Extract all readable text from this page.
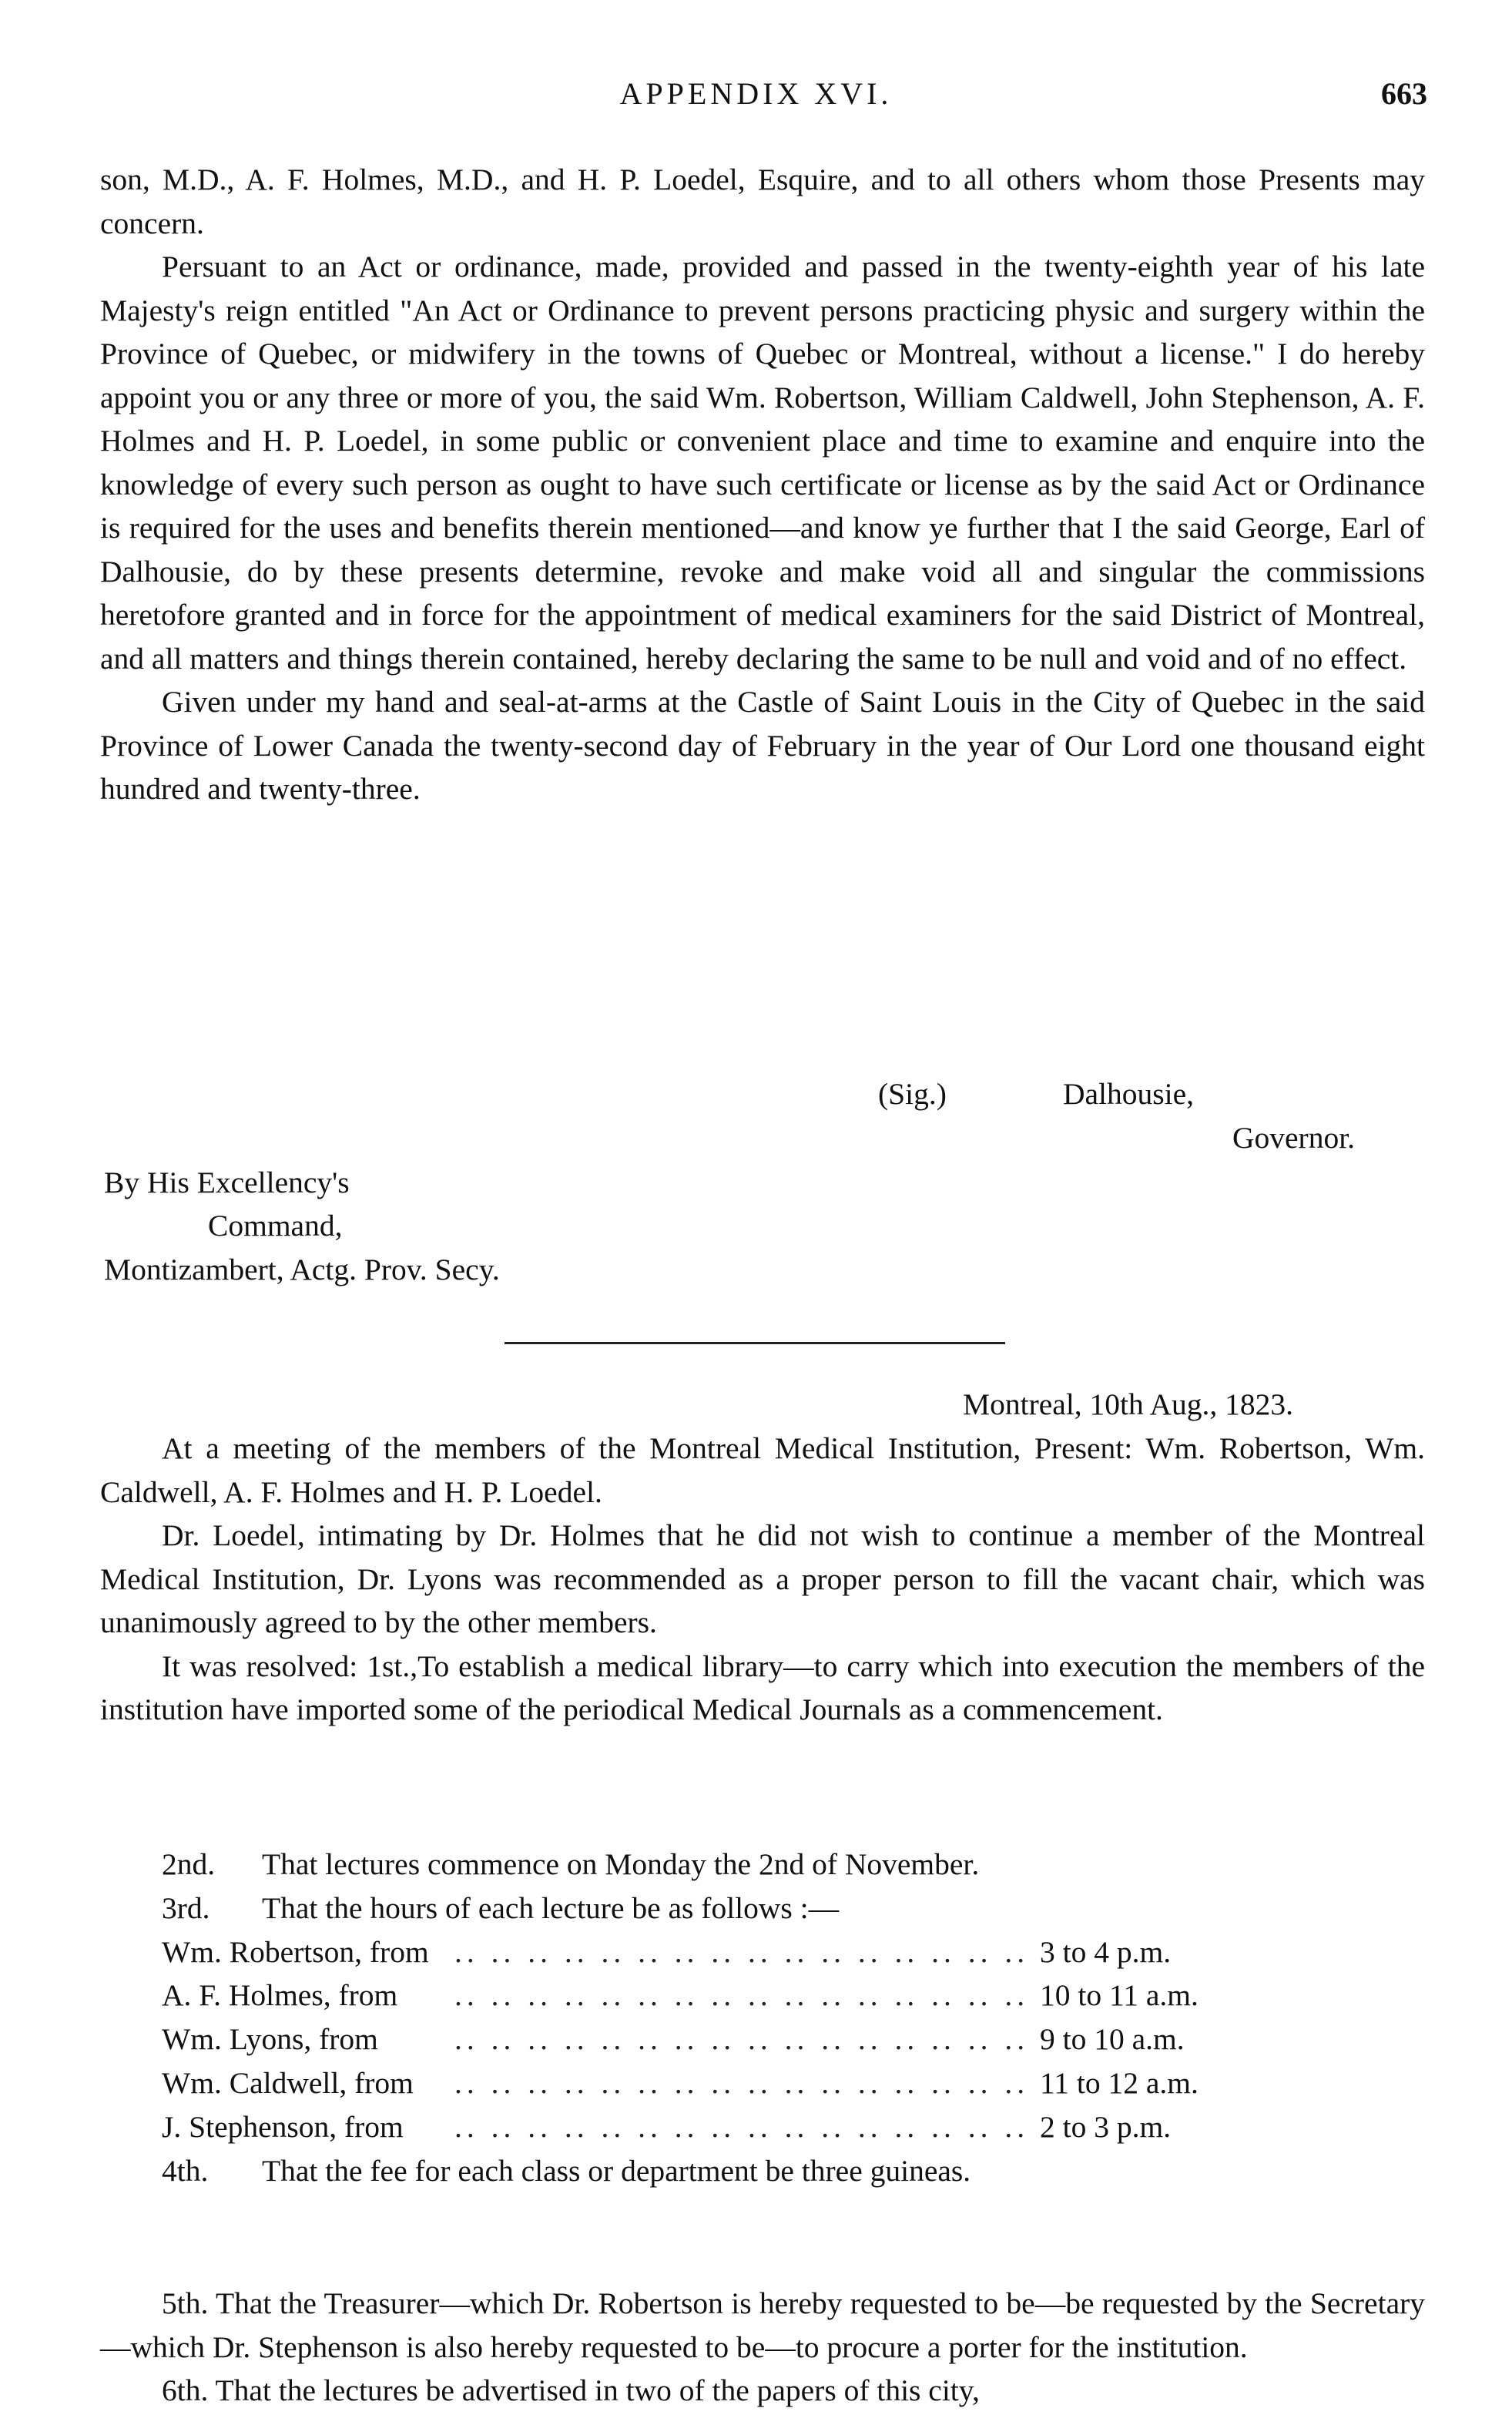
APPENDIX XVI.	663

son, M.D., A. F. Holmes, M.D., and H. P. Loedel, Esquire, and to all others whom those Presents may concern.

Persuant to an Act or ordinance, made, provided and passed in the twenty-eighth year of his late Majesty's reign entitled "An Act or Ordinance to prevent persons practicing physic and surgery within the Province of Quebec, or midwifery in the towns of Quebec or Montreal, without a license." I do hereby appoint you or any three or more of you, the said Wm. Robertson, William Caldwell, John Stephenson, A. F. Holmes and H. P. Loedel, in some public or convenient place and time to examine and enquire into the knowledge of every such person as ought to have such certificate or license as by the said Act or Ordinance is required for the uses and benefits therein mentioned—and know ye further that I the said George, Earl of Dalhousie, do by these presents determine, revoke and make void all and singular the commissions heretofore granted and in force for the appointment of medical examiners for the said District of Montreal, and all matters and things therein contained, hereby declaring the same to be null and void and of no effect.

Given under my hand and seal-at-arms at the Castle of Saint Louis in the City of Quebec in the said Province of Lower Canada the twenty-second day of February in the year of Our Lord one thousand eight hundred and twenty-three.

(Sig.)	Dalhousie,
Governor.
By His Excellency's
Command,
Montizambert, Actg. Prov. Secy.
Montreal, 10th Aug., 1823.

At a meeting of the members of the Montreal Medical Institution, Present: Wm. Robertson, Wm. Caldwell, A. F. Holmes and H. P. Loedel.

Dr. Loedel, intimating by Dr. Holmes that he did not wish to continue a member of the Montreal Medical Institution, Dr. Lyons was recommended as a proper person to fill the vacant chair, which was unanimously agreed to by the other members.

It was resolved: 1st.,To establish a medical library—to carry which into execution the members of the institution have imported some of the periodical Medical Journals as a commencement.

2nd. That lectures commence on Monday the 2nd of November.
3rd. That the hours of each lecture be as follows :—
Wm. Robertson, from .. .. .. .. .. .. .. .. .. .. .. .. .. .. .. .. 3 to 4 p.m.
A. F. Holmes, from .. .. .. .. .. .. .. .. .. .. .. .. .. .. .. .. 10 to 11 a.m.
Wm. Lyons, from	.. .. .. .. .. .. .. .. .. .. .. .. .. .. .. .. 9 to 10 a.m.
Wm. Caldwell, from .. .. .. .. .. .. .. .. .. .. .. .. .. .. .. .. 11 to 12 a.m.
J. Stephenson, from .. .. .. .. .. .. .. .. .. .. .. .. .. .. .. .. 2 to 3 p.m.
4th. That the fee for each class or department be three guineas.

5th. That the Treasurer—which Dr. Robertson is hereby requested to be—be requested by the Secretary—which Dr. Stephenson is also hereby requested to be—to procure a porter for the institution.

6th. That the lectures be advertised in two of the papers of this city,
